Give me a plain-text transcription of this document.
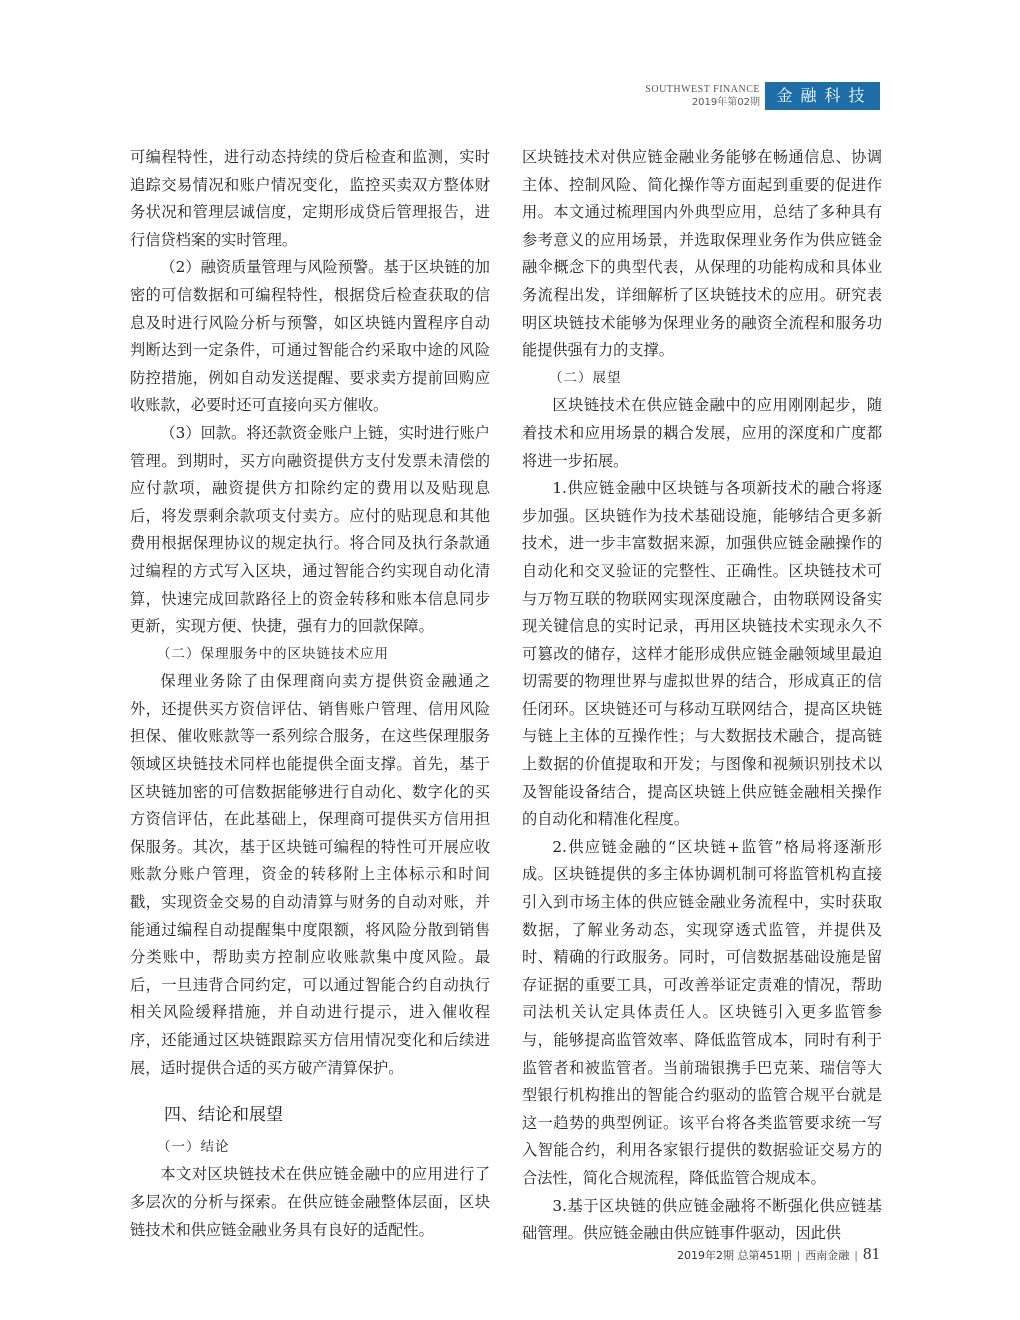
SOUTHWEST FINANCE
2019年第02期	金融科技

可编程特性，进行动态持续的贷后检查和监测，实时追踪交易情况和账户情况变化，监控买卖双方整体财务状况和管理层诚信度，定期形成贷后管理报告，进行信贷档案的实时管理。

（2）融资质量管理与风险预警。基于区块链的加密的可信数据和可编程特性，根据贷后检查获取的信息及时进行风险分析与预警，如区块链内置程序自动判断达到一定条件，可通过智能合约采取中途的风险防控措施，例如自动发送提醒、要求卖方提前回购应收账款，必要时还可直接向买方催收。

（3）回款。将还款资金账户上链，实时进行账户管理。到期时，买方向融资提供方支付发票未清偿的应付款项，融资提供方扣除约定的费用以及贴现息后，将发票剩余款项支付卖方。应付的贴现息和其他费用根据保理协议的规定执行。将合同及执行条款通过编程的方式写入区块，通过智能合约实现自动化清算，快速完成回款路径上的资金转移和账本信息同步更新，实现方便、快捷，强有力的回款保障。

（二）保理服务中的区块链技术应用

保理业务除了由保理商向卖方提供资金融通之外，还提供买方资信评估、销售账户管理、信用风险担保、催收账款等一系列综合服务，在这些保理服务领域区块链技术同样也能提供全面支撑。首先，基于区块链加密的可信数据能够进行自动化、数字化的买方资信评估，在此基础上，保理商可提供买方信用担保服务。其次，基于区块链可编程的特性可开展应收账款分账户管理，资金的转移附上主体标示和时间戳，实现资金交易的自动清算与财务的自动对账，并能通过编程自动提醒集中度限额，将风险分散到销售分类账中，帮助卖方控制应收账款集中度风险。最后，一旦违背合同约定，可以通过智能合约自动执行相关风险缓释措施，并自动进行提示，进入催收程序，还能通过区块链跟踪买方信用情况变化和后续进展，适时提供合适的买方破产清算保护。

四、结论和展望

（一）结论

本文对区块链技术在供应链金融中的应用进行了多层次的分析与探索。在供应链金融整体层面，区块链技术和供应链金融业务具有良好的适配性。

区块链技术对供应链金融业务能够在畅通信息、协调主体、控制风险、简化操作等方面起到重要的促进作用。本文通过梳理国内外典型应用，总结了多种具有参考意义的应用场景，并选取保理业务作为供应链金融伞概念下的典型代表，从保理的功能构成和具体业务流程出发，详细解析了区块链技术的应用。研究表明区块链技术能够为保理业务的融资全流程和服务功能提供强有力的支撑。

（二）展望

区块链技术在供应链金融中的应用刚刚起步，随着技术和应用场景的耦合发展，应用的深度和广度都将进一步拓展。

1.供应链金融中区块链与各项新技术的融合将逐步加强。区块链作为技术基础设施，能够结合更多新技术，进一步丰富数据来源，加强供应链金融操作的自动化和交叉验证的完整性、正确性。区块链技术可与万物互联的物联网实现深度融合，由物联网设备实现关键信息的实时记录，再用区块链技术实现永久不可篡改的储存，这样才能形成供应链金融领域里最迫切需要的物理世界与虚拟世界的结合，形成真正的信任闭环。区块链还可与移动互联网结合，提高区块链与链上主体的互操作性；与大数据技术融合，提高链上数据的价值提取和开发；与图像和视频识别技术以及智能设备结合，提高区块链上供应链金融相关操作的自动化和精准化程度。

2.供应链金融的“区块链+监管”格局将逐渐形成。区块链提供的多主体协调机制可将监管机构直接引入到市场主体的供应链金融业务流程中，实时获取数据，了解业务动态，实现穿透式监管，并提供及时、精确的行政服务。同时，可信数据基础设施是留存证据的重要工具，可改善举证定责难的情况，帮助司法机关认定具体责任人。区块链引入更多监管参与，能够提高监管效率、降低监管成本，同时有利于监管者和被监管者。当前瑞银携手巴克莱、瑞信等大型银行机构推出的智能合约驱动的监管合规平台就是这一趋势的典型例证。该平台将各类监管要求统一写入智能合约，利用各家银行提供的数据验证交易方的合法性，简化合规流程，降低监管合规成本。

3.基于区块链的供应链金融将不断强化供应链基础管理。供应链金融由供应链事件驱动，因此供

2019年2期 总第451期 | 西南金融 | 81
